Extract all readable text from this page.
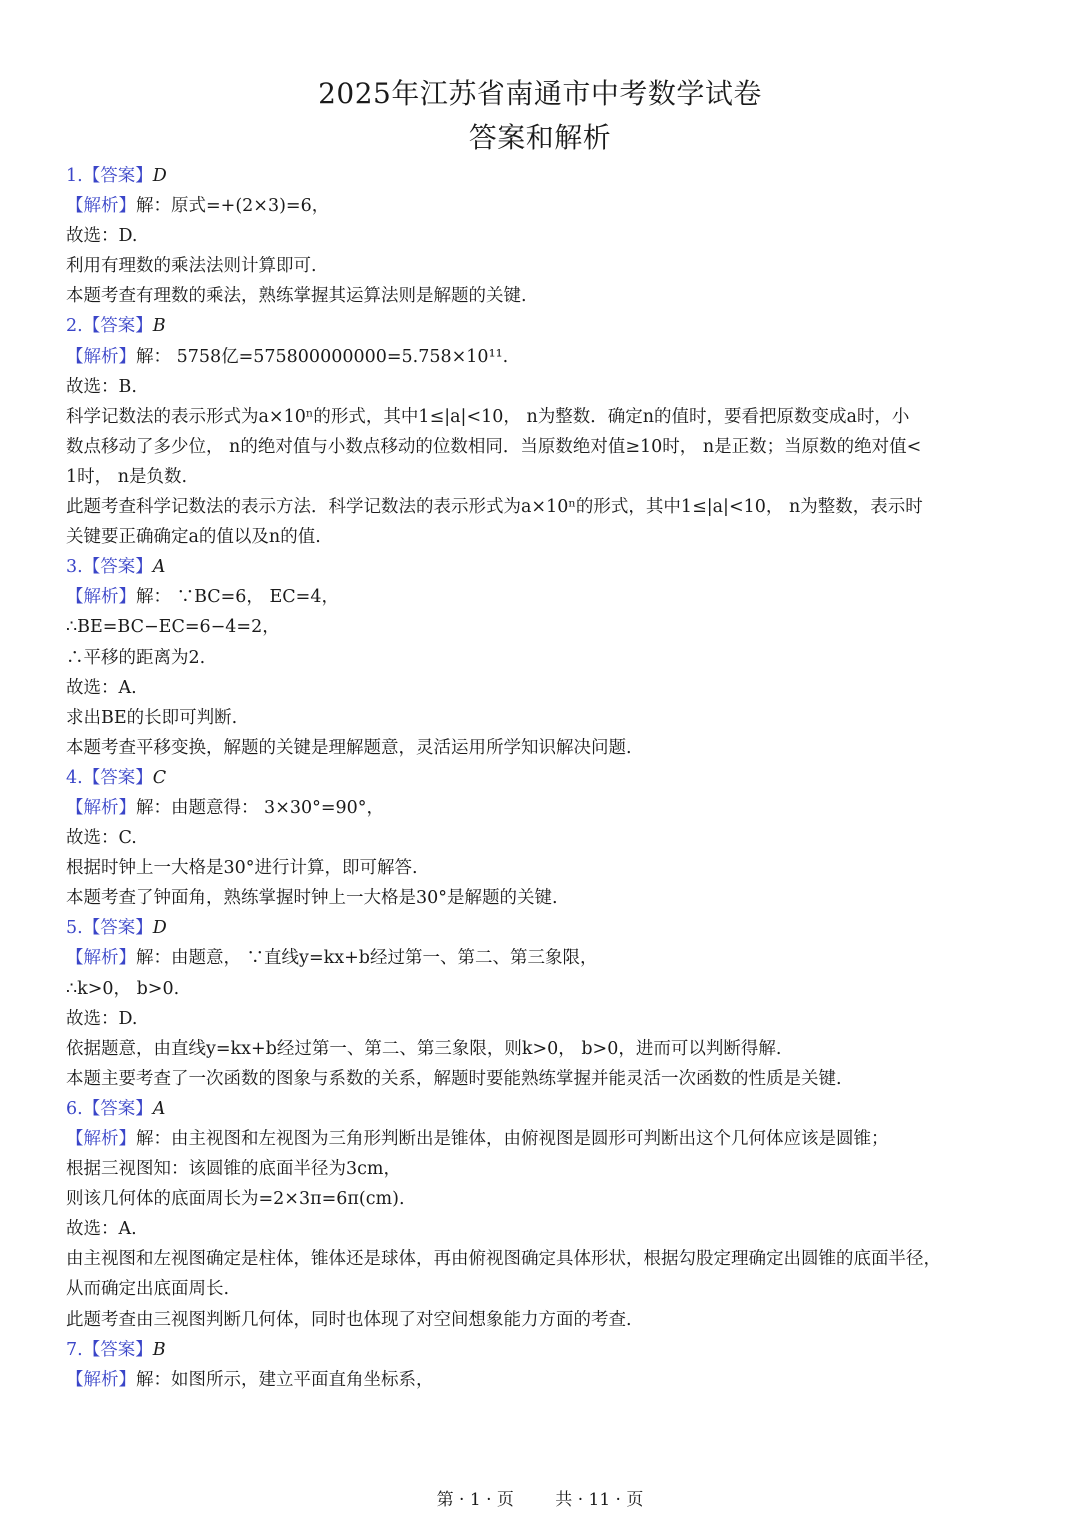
2025年江苏省南通市中考数学试卷
答案和解析
1.【答案】D
【解析】解：原式=+(2×3)=6，
故选：D.
利用有理数的乘法法则计算即可.
本题考查有理数的乘法，熟练掌握其运算法则是解题的关键.
2.【答案】B
【解析】解： 5758亿=575800000000=5.758×10¹¹.
故选：B.
科学记数法的表示形式为a×10ⁿ的形式，其中1≤|a|<10， n为整数．确定n的值时，要看把原数变成a时，小
数点移动了多少位， n的绝对值与小数点移动的位数相同．当原数绝对值≥10时， n是正数；当原数的绝对值<
1时， n是负数.
此题考查科学记数法的表示方法．科学记数法的表示形式为a×10ⁿ的形式，其中1≤|a|<10， n为整数，表示时
关键要正确确定a的值以及n的值.
3.【答案】A
【解析】解： ∵BC=6， EC=4，
∴BE=BC−EC=6−4=2，
∴平移的距离为2.
故选：A.
求出BE的长即可判断.
本题考查平移变换，解题的关键是理解题意，灵活运用所学知识解决问题.
4.【答案】C
【解析】解：由题意得： 3×30°=90°，
故选：C.
根据时钟上一大格是30°进行计算，即可解答.
本题考查了钟面角，熟练掌握时钟上一大格是30°是解题的关键.
5.【答案】D
【解析】解：由题意， ∵直线y=kx+b经过第一、第二、第三象限，
∴k>0， b>0.
故选：D.
依据题意，由直线y=kx+b经过第一、第二、第三象限，则k>0， b>0，进而可以判断得解.
本题主要考查了一次函数的图象与系数的关系，解题时要能熟练掌握并能灵活一次函数的性质是关键.
6.【答案】A
【解析】解：由主视图和左视图为三角形判断出是锥体，由俯视图是圆形可判断出这个几何体应该是圆锥；
根据三视图知：该圆锥的底面半径为3cm，
则该几何体的底面周长为=2×3π=6π(cm).
故选：A.
由主视图和左视图确定是柱体，锥体还是球体，再由俯视图确定具体形状，根据勾股定理确定出圆锥的底面半径，
从而确定出底面周长.
此题考查由三视图判断几何体，同时也体现了对空间想象能力方面的考查.
7.【答案】B
【解析】解：如图所示，建立平面直角坐标系，
第 · 1 · 页 共 · 11 · 页
